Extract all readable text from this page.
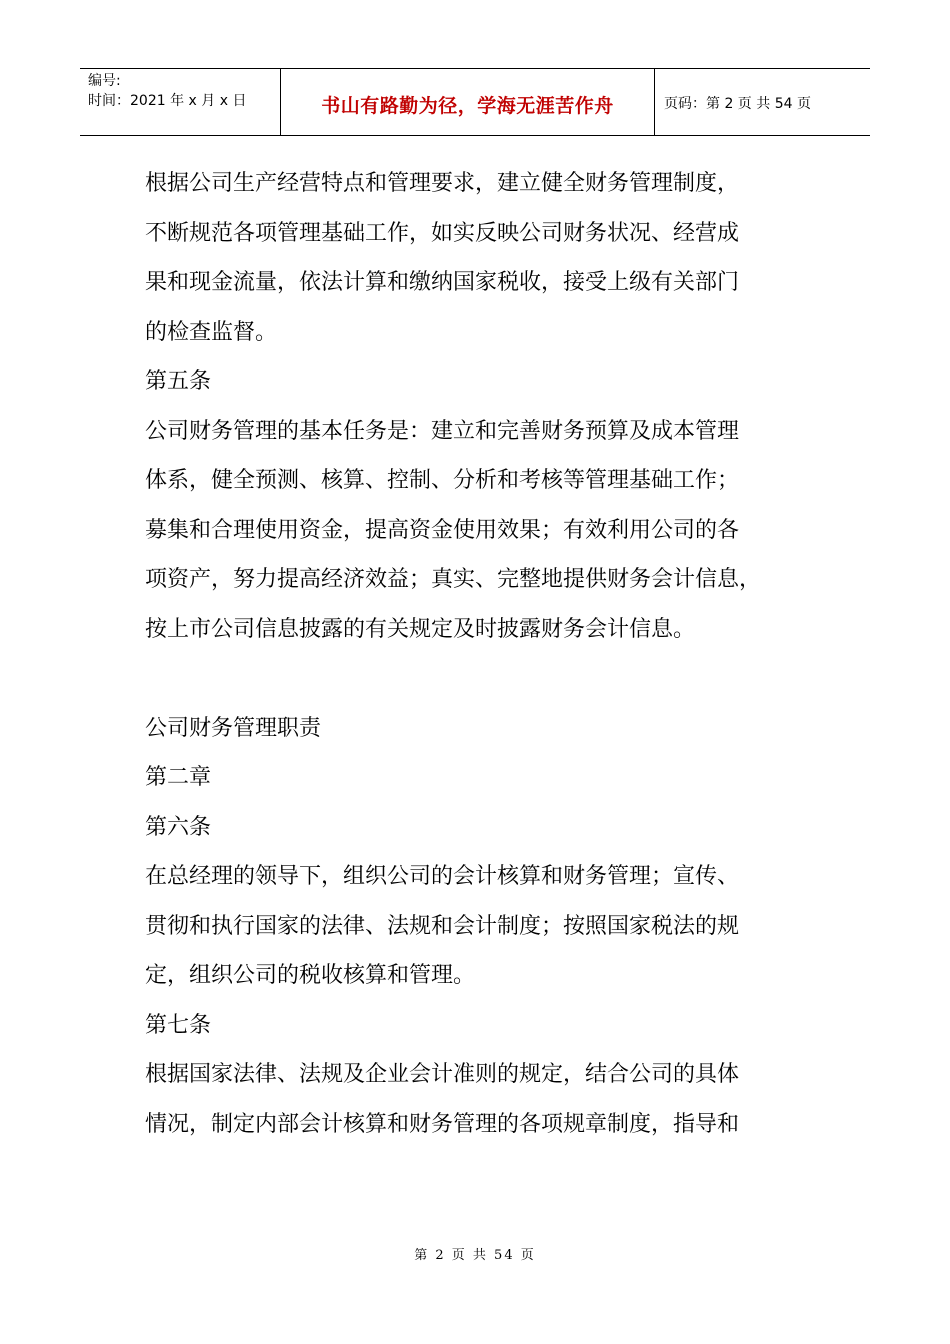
编号:
时间：2021 年 x 月 x 日	书山有路勤为径，学海无涯苦作舟	页码：第 2 页 共 54 页
根据公司生产经营特点和管理要求，建立健全财务管理制度，
不断规范各项管理基础工作，如实反映公司财务状况、经营成
果和现金流量，依法计算和缴纳国家税收，接受上级有关部门
的检查监督。
第五条
公司财务管理的基本任务是：建立和完善财务预算及成本管理
体系，健全预测、核算、控制、分析和考核等管理基础工作；
募集和合理使用资金，提高资金使用效果；有效利用公司的各
项资产，努力提高经济效益；真实、完整地提供财务会计信息，
按上市公司信息披露的有关规定及时披露财务会计信息。
公司财务管理职责
第二章
第六条
在总经理的领导下，组织公司的会计核算和财务管理；宣传、
贯彻和执行国家的法律、法规和会计制度；按照国家税法的规
定，组织公司的税收核算和管理。
第七条
根据国家法律、法规及企业会计准则的规定，结合公司的具体
情况，制定内部会计核算和财务管理的各项规章制度，指导和
第 2 页 共 54 页
